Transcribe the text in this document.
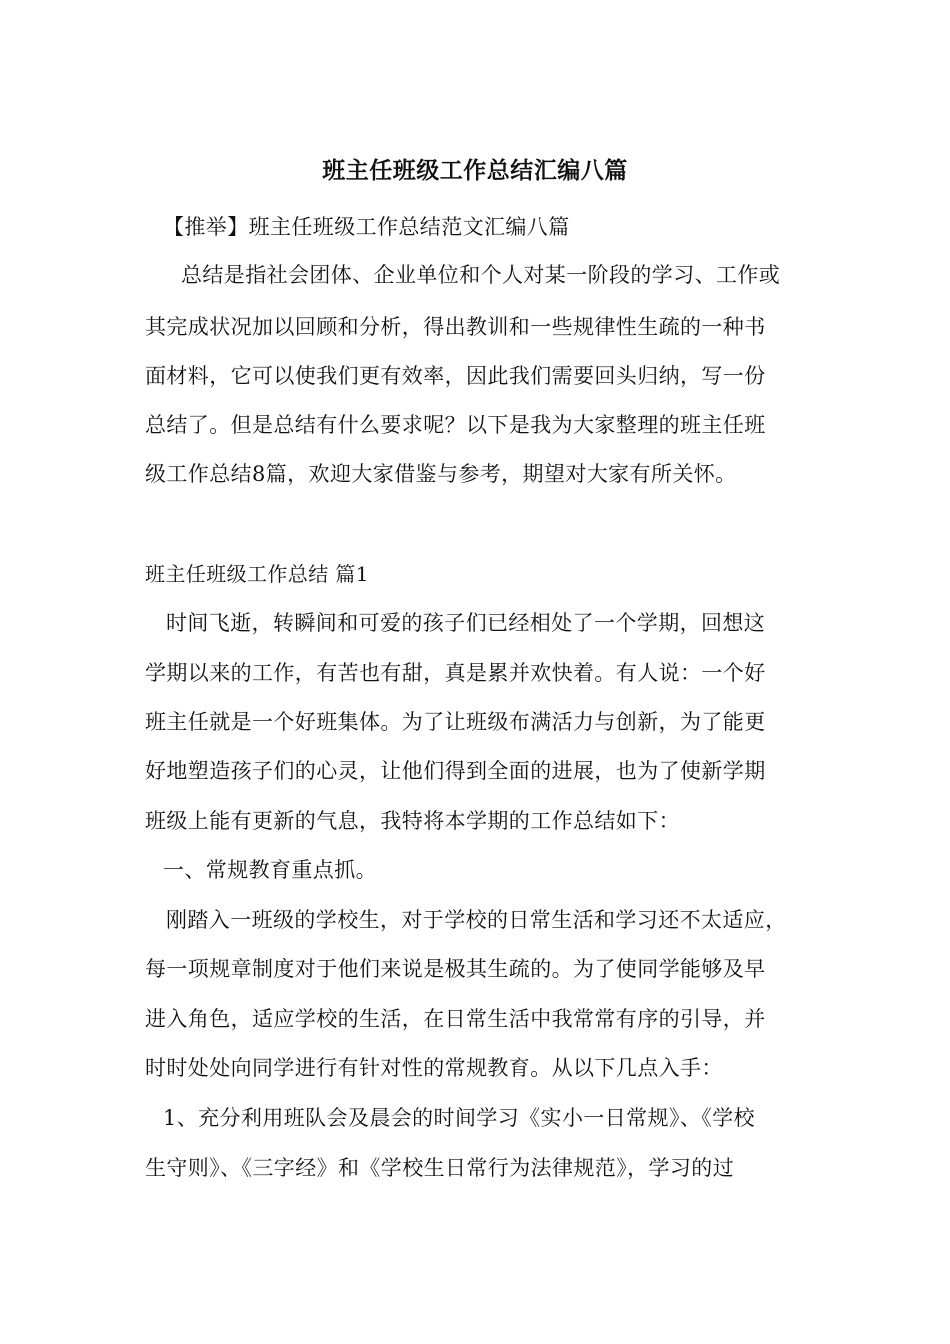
班主任班级工作总结汇编八篇
【推举】班主任班级工作总结范文汇编八篇
总结是指社会团体、企业单位和个人对某一阶段的学习、工作或
其完成状况加以回顾和分析，得出教训和一些规律性生疏的一种书
面材料，它可以使我们更有效率，因此我们需要回头归纳，写一份
总结了。但是总结有什么要求呢？以下是我为大家整理的班主任班
级工作总结8篇，欢迎大家借鉴与参考，期望对大家有所关怀。
班主任班级工作总结 篇1
时间飞逝，转瞬间和可爱的孩子们已经相处了一个学期，回想这
学期以来的工作，有苦也有甜，真是累并欢快着。有人说：一个好
班主任就是一个好班集体。为了让班级布满活力与创新，为了能更
好地塑造孩子们的心灵，让他们得到全面的进展，也为了使新学期
班级上能有更新的气息，我特将本学期的工作总结如下：
一、常规教育重点抓。
刚踏入一班级的学校生，对于学校的日常生活和学习还不太适应，
每一项规章制度对于他们来说是极其生疏的。为了使同学能够及早
进入角色，适应学校的生活，在日常生活中我常常有序的引导，并
时时处处向同学进行有针对性的常规教育。从以下几点入手：
1、充分利用班队会及晨会的时间学习《实小一日常规》、《学校
生守则》、《三字经》和《学校生日常行为法律规范》，学习的过
